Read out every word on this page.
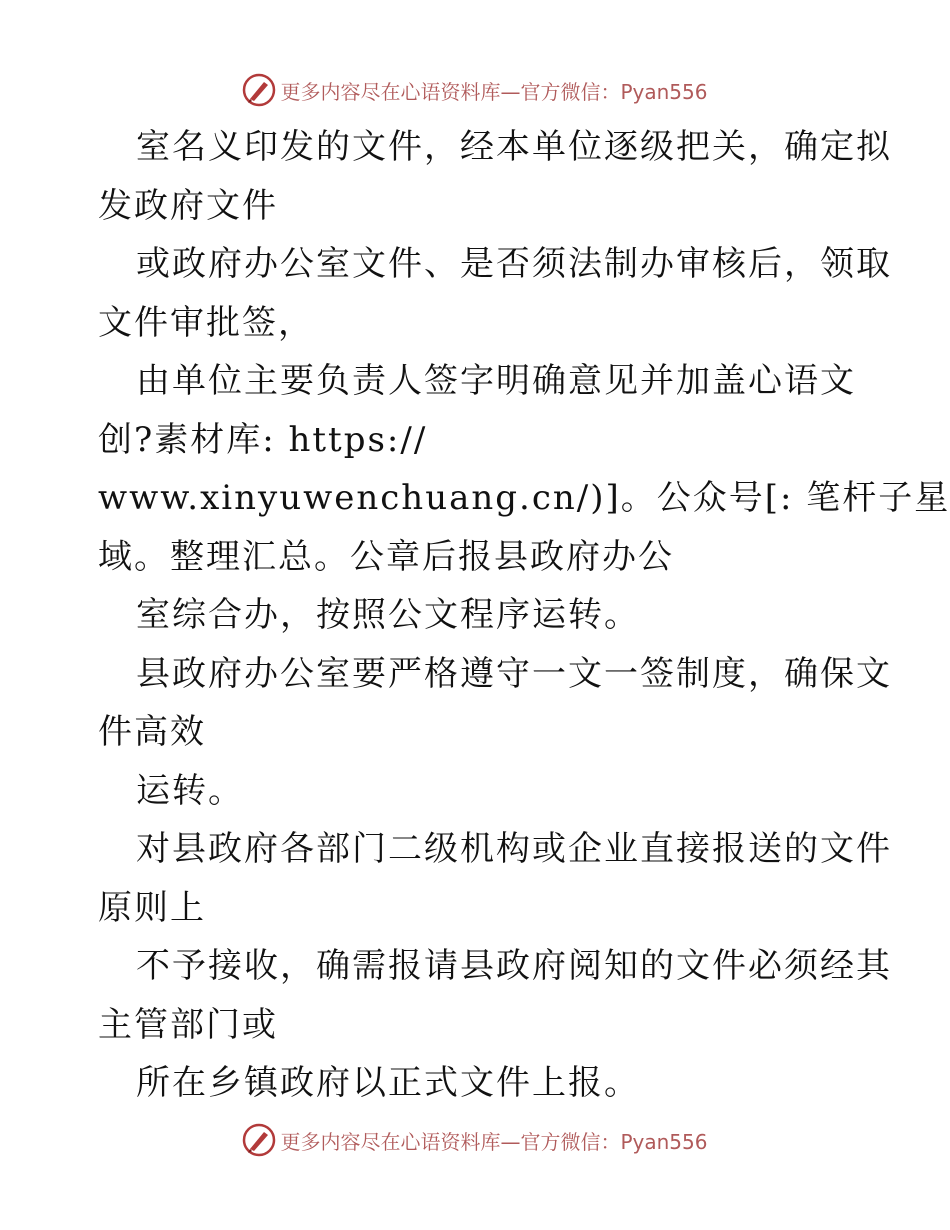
更多内容尽在心语资料库—官方微信：Pyan556
室名义印发的文件，经本单位逐级把关，确定拟
发政府文件
或政府办公室文件、是否须法制办审核后，领取
文件审批签，
由单位主要负责人签字明确意见并加盖心语文
创?素材库: https://
www.xinyuwenchuang.cn/)]。公众号[: 笔杆子星
域。整理汇总。公章后报县政府办公
室综合办，按照公文程序运转。
县政府办公室要严格遵守一文一签制度，确保文
件高效
运转。
对县政府各部门二级机构或企业直接报送的文件
原则上
不予接收，确需报请县政府阅知的文件必须经其
主管部门或
所在乡镇政府以正式文件上报。
更多内容尽在心语资料库—官方微信：Pyan556
